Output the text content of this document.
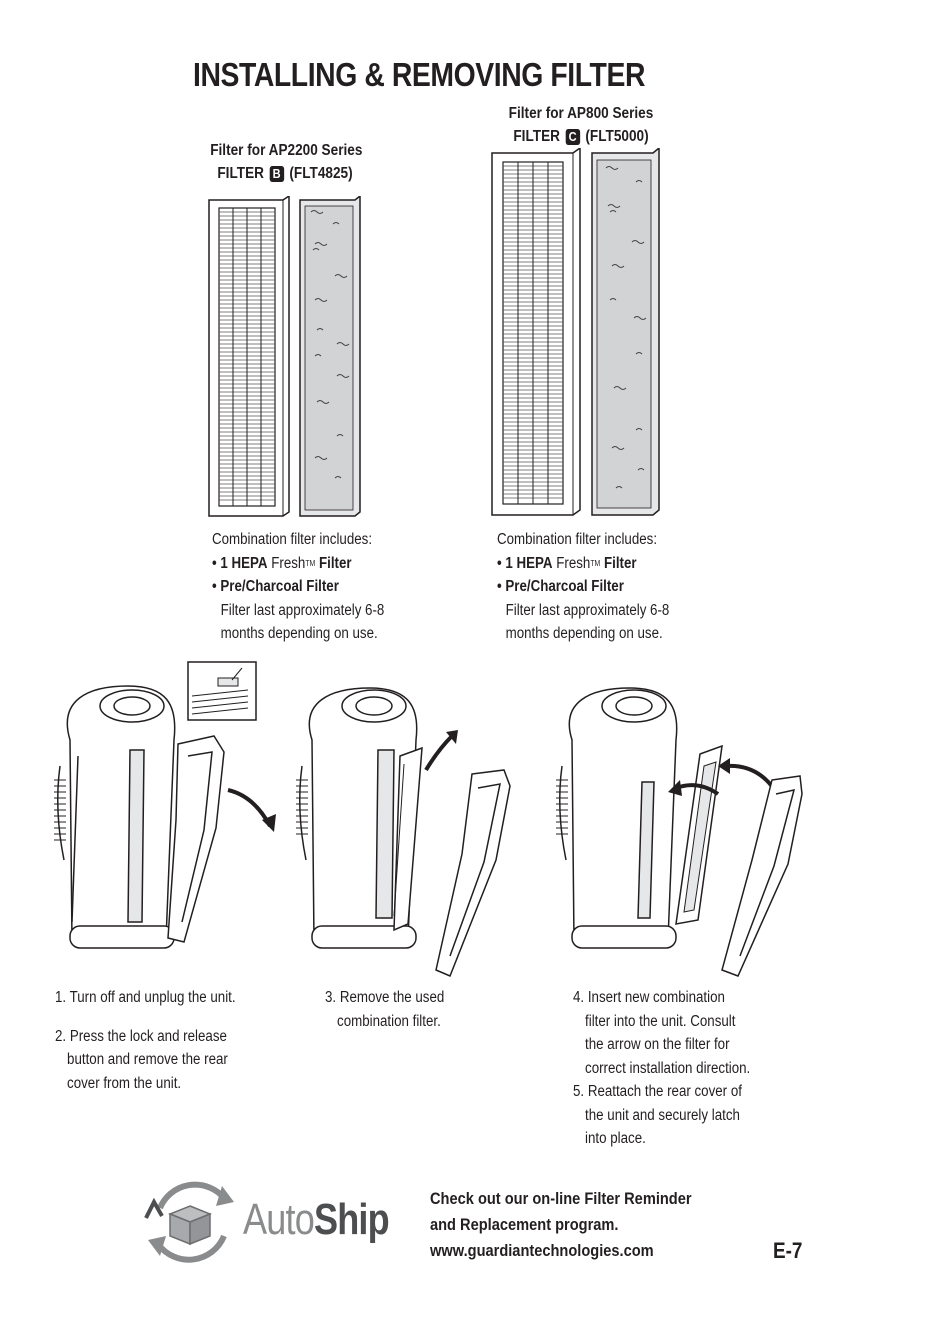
INSTALLING & REMOVING FILTER
Filter for AP2200 Series
FILTER B (FLT4825)
Filter for AP800 Series
FILTER C (FLT5000)
Combination filter includes:
• 1 HEPA FreshTM Filter
• Pre/Charcoal Filter
Filter last approximately 6-8
months depending on use.
Combination filter includes:
• 1 HEPA FreshTM Filter
• Pre/Charcoal Filter
Filter last approximately 6-8
months depending on use.
1. Turn off and unplug the unit.
2. Press the lock and release
button and remove the rear
cover from the unit.
3. Remove the used
combination filter.
4. Insert new combination
filter into the unit. Consult
the arrow on the filter for
correct installation direction.
5. Reattach the rear cover of
the unit and securely latch
into place.
AutoShip Check out our on-line Filter Reminder
and Replacement program.
www.guardiantechnologies.com	E-7
